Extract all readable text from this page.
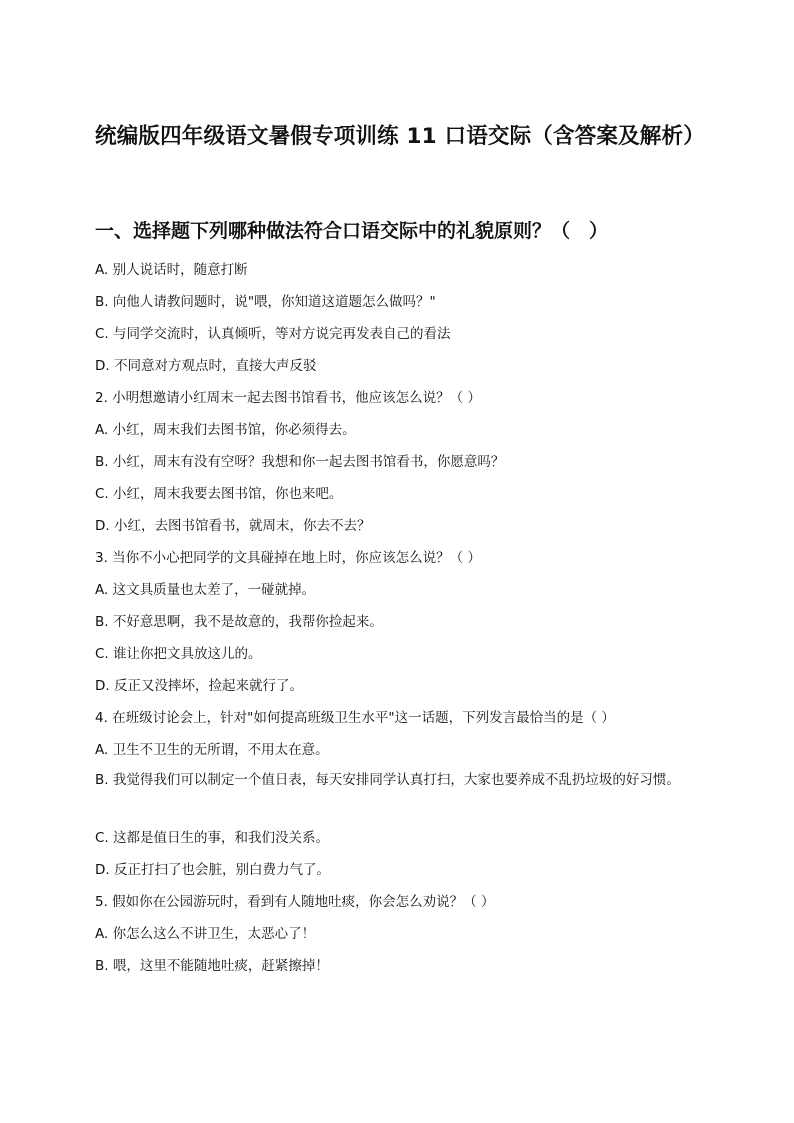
统编版四年级语文暑假专项训练 11 口语交际（含答案及解析）
一、选择题下列哪种做法符合口语交际中的礼貌原则？（　）
A. 别人说话时，随意打断
B. 向他人请教问题时，说"喂，你知道这道题怎么做吗？"
C. 与同学交流时，认真倾听，等对方说完再发表自己的看法
D. 不同意对方观点时，直接大声反驳
2. 小明想邀请小红周末一起去图书馆看书，他应该怎么说？（ ）
A. 小红，周末我们去图书馆，你必须得去。
B. 小红，周末有没有空呀？我想和你一起去图书馆看书，你愿意吗？
C. 小红，周末我要去图书馆，你也来吧。
D. 小红，去图书馆看书，就周末，你去不去？
3. 当你不小心把同学的文具碰掉在地上时，你应该怎么说？（ ）
A. 这文具质量也太差了，一碰就掉。
B. 不好意思啊，我不是故意的，我帮你捡起来。
C. 谁让你把文具放这儿的。
D. 反正又没摔坏，捡起来就行了。
4. 在班级讨论会上，针对"如何提高班级卫生水平"这一话题，下列发言最恰当的是（ ）
A. 卫生不卫生的无所谓，不用太在意。
B. 我觉得我们可以制定一个值日表，每天安排同学认真打扫，大家也要养成不乱扔垃圾的好习惯。
C. 这都是值日生的事，和我们没关系。
D. 反正打扫了也会脏，别白费力气了。
5. 假如你在公园游玩时，看到有人随地吐痰，你会怎么劝说？（ ）
A. 你怎么这么不讲卫生，太恶心了！
B. 喂，这里不能随地吐痰，赶紧擦掉！
